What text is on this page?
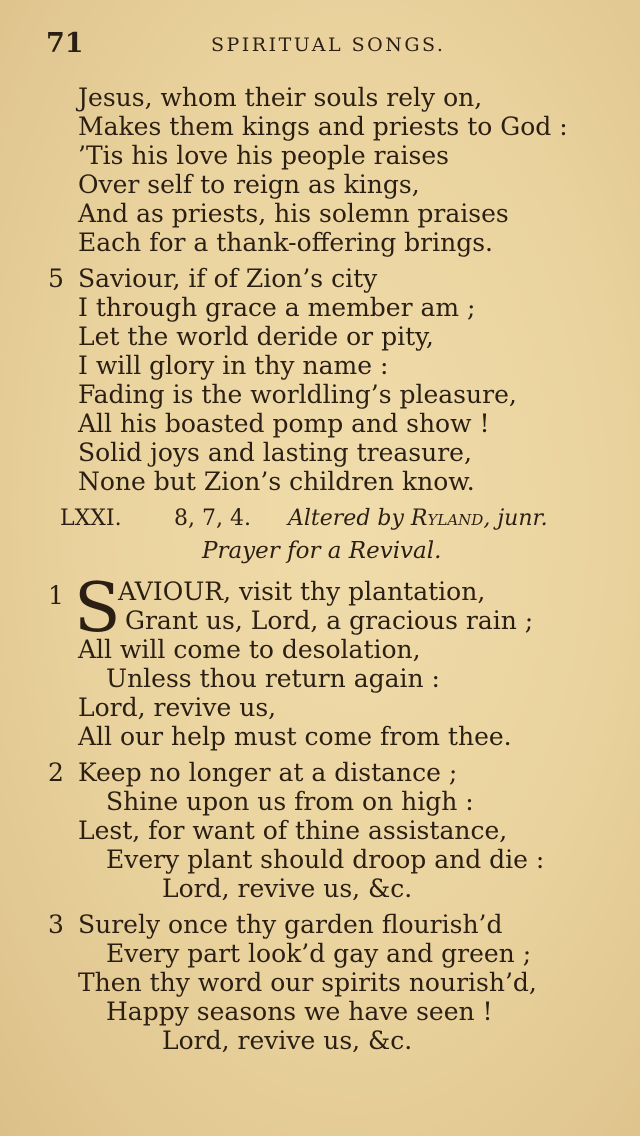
71	SPIRITUAL SONGS.
Jesus, whom their souls rely on,
Makes them kings and priests to God :
’Tis his love his people raises
Over self to reign as kings,
And as priests, his solemn praises
Each for a thank-offering brings.
5 Saviour, if of Zion’s city
I through grace a member am ;
Let the world deride or pity,
I will glory in thy name :
Fading is the worldling’s pleasure,
All his boasted pomp and show !
Solid joys and lasting treasure,
None but Zion’s children know.
LXXI. 8, 7, 4. Altered by Ryland, junr.
Prayer for a Revival.
1 S
AVIOUR, visit thy plantation,
Grant us, Lord, a gracious rain ;
All will come to desolation,
Unless thou return again :
Lord, revive us,
All our help must come from thee.
2 Keep no longer at a distance ;
Shine upon us from on high :
Lest, for want of thine assistance,
Every plant should droop and die :
Lord, revive us, &c.
3 Surely once thy garden flourish’d
Every part look’d gay and green ;
Then thy word our spirits nourish’d,
Happy seasons we have seen !
Lord, revive us, &c.
